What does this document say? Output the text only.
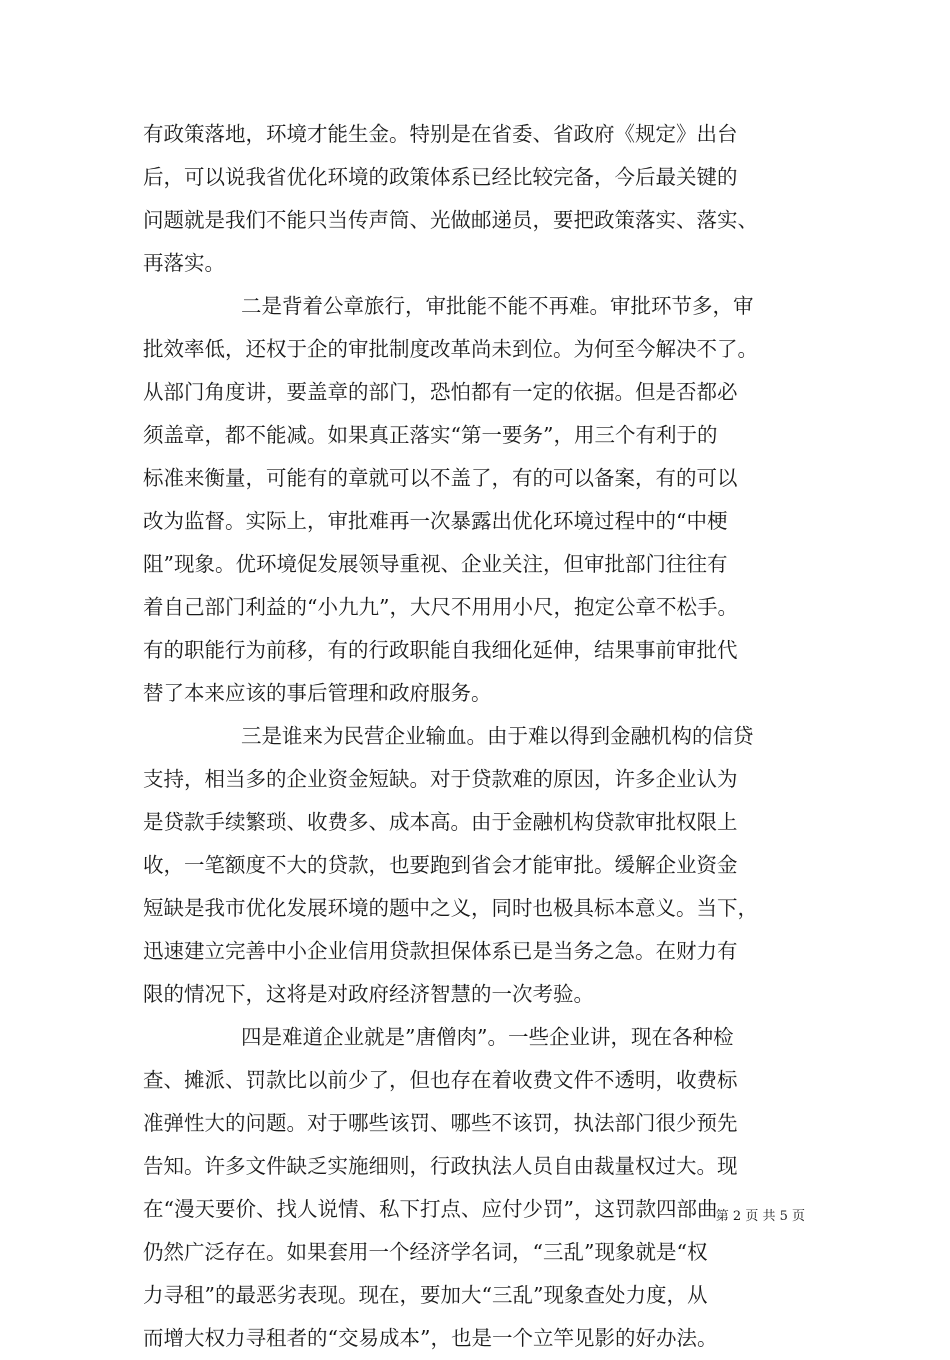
有政策落地，环境才能生金。特别是在省委、省政府《规定》出台
后，可以说我省优化环境的政策体系已经比较完备，今后最关键的
问题就是我们不能只当传声筒、光做邮递员，要把政策落实、落实、
再落实。
二是背着公章旅行，审批能不能不再难。审批环节多，审
批效率低，还权于企的审批制度改革尚未到位。为何至今解决不了。
从部门角度讲，要盖章的部门，恐怕都有一定的依据。但是否都必
须盖章，都不能减。如果真正落实“第一要务”，用三个有利于的
标准来衡量，可能有的章就可以不盖了，有的可以备案，有的可以
改为监督。实际上，审批难再一次暴露出优化环境过程中的“中梗
阻”现象。优环境促发展领导重视、企业关注，但审批部门往往有
着自己部门利益的“小九九”，大尺不用用小尺，抱定公章不松手。
有的职能行为前移，有的行政职能自我细化延伸，结果事前审批代
替了本来应该的事后管理和政府服务。
三是谁来为民营企业输血。由于难以得到金融机构的信贷
支持，相当多的企业资金短缺。对于贷款难的原因，许多企业认为
是贷款手续繁琐、收费多、成本高。由于金融机构贷款审批权限上
收，一笔额度不大的贷款，也要跑到省会才能审批。缓解企业资金
短缺是我市优化发展环境的题中之义，同时也极具标本意义。当下，
迅速建立完善中小企业信用贷款担保体系已是当务之急。在财力有
限的情况下，这将是对政府经济智慧的一次考验。
四是难道企业就是”唐僧肉”。一些企业讲，现在各种检
查、摊派、罚款比以前少了，但也存在着收费文件不透明，收费标
准弹性大的问题。对于哪些该罚、哪些不该罚，执法部门很少预先
告知。许多文件缺乏实施细则，行政执法人员自由裁量权过大。现
在“漫天要价、找人说情、私下打点、应付少罚”，这罚款四部曲
仍然广泛存在。如果套用一个经济学名词，“三乱”现象就是“权
力寻租”的最恶劣表现。现在，要加大“三乱”现象查处力度，从
而增大权力寻租者的“交易成本”，也是一个立竿见影的好办法。
第 2 页 共 5 页
